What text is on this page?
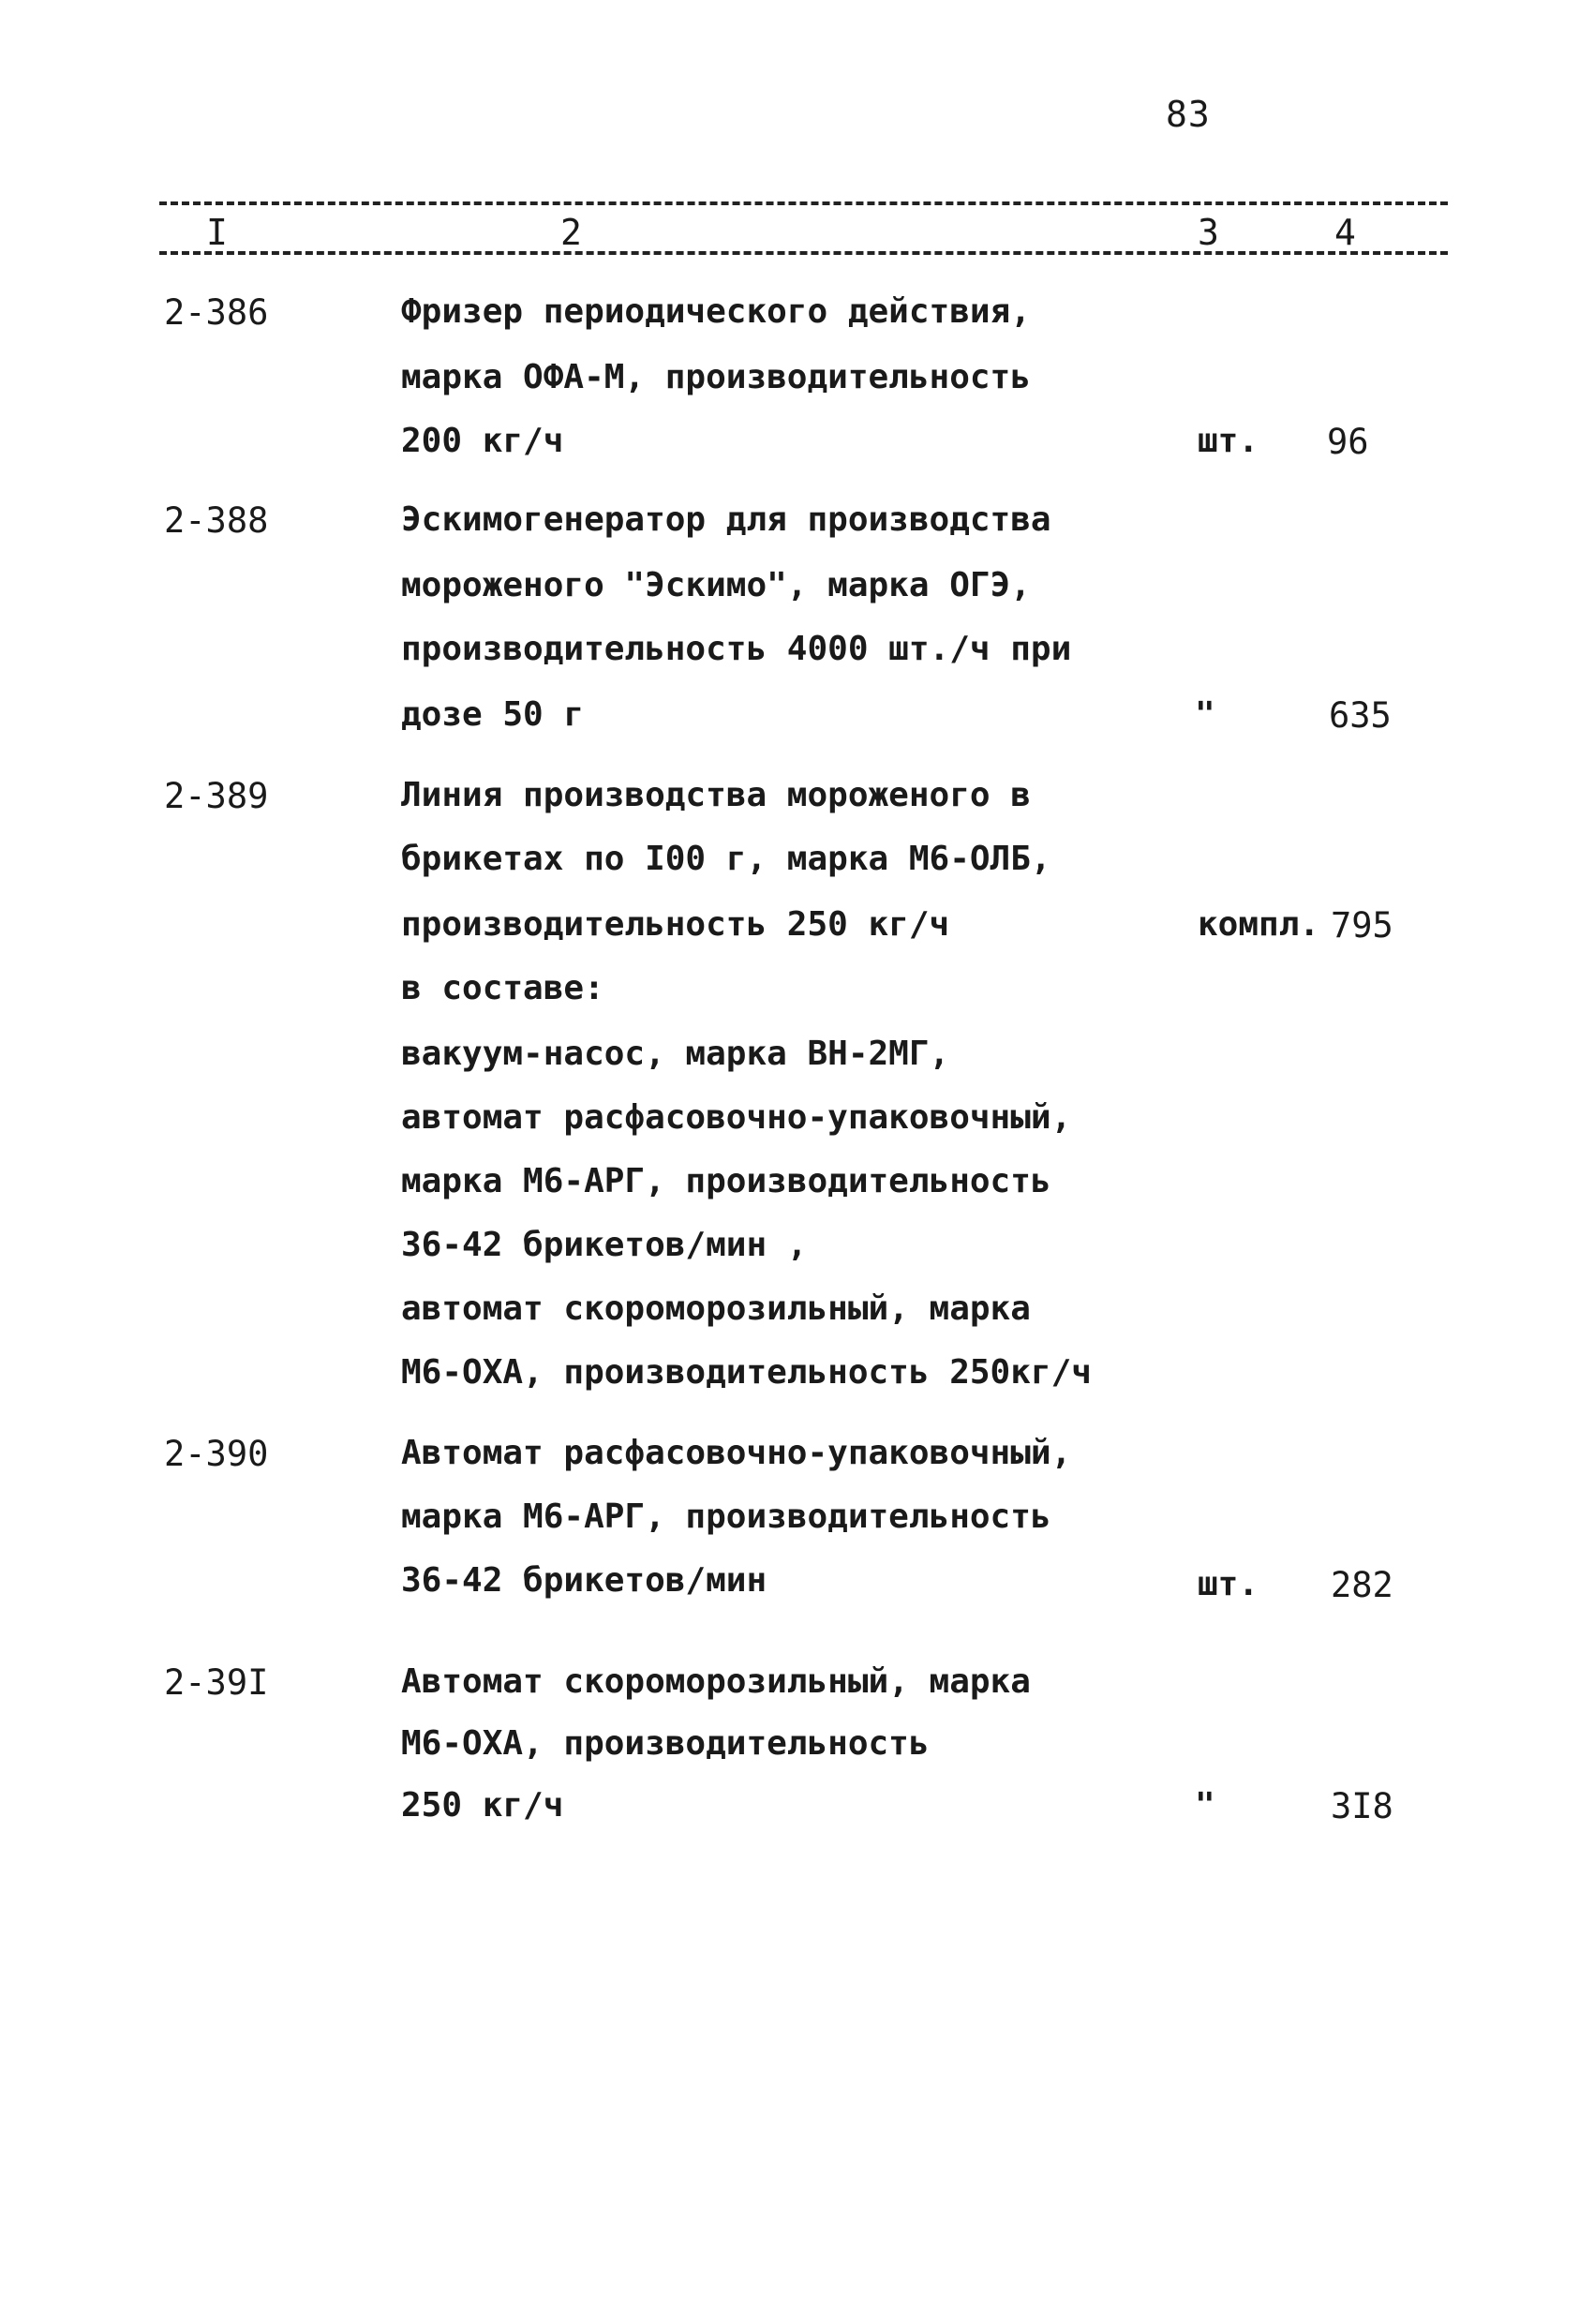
83
I	2	3	4
2-386	Фризер периодического действия,
марка ОФА-М, производительность
200 кг/ч	шт. 96
2-388	Эскимогенератор для производства
мороженого "Эскимо", марка ОГЭ,
производительность 4000 шт./ч при
дозе 50 г	"	635
2-389	Линия производства мороженого в
брикетах по I00 г, марка М6-ОЛБ,
производительность 250 кг/ч	компл. 795
в составе:
вакуум-насос, марка ВН-2МГ,
автомат расфасовочно-упаковочный,
марка М6-АРГ, производительность
36-42 брикетов/мин ,
автомат скороморозильный, марка
М6-ОХА, производительность 250кг/ч
2-390	Автомат расфасовочно-упаковочный,
марка М6-АРГ, производительность
36-42 брикетов/мин	шт. 282
2-39I	Автомат скороморозильный, марка
М6-ОХА, производительность
250 кг/ч	"	3I8
